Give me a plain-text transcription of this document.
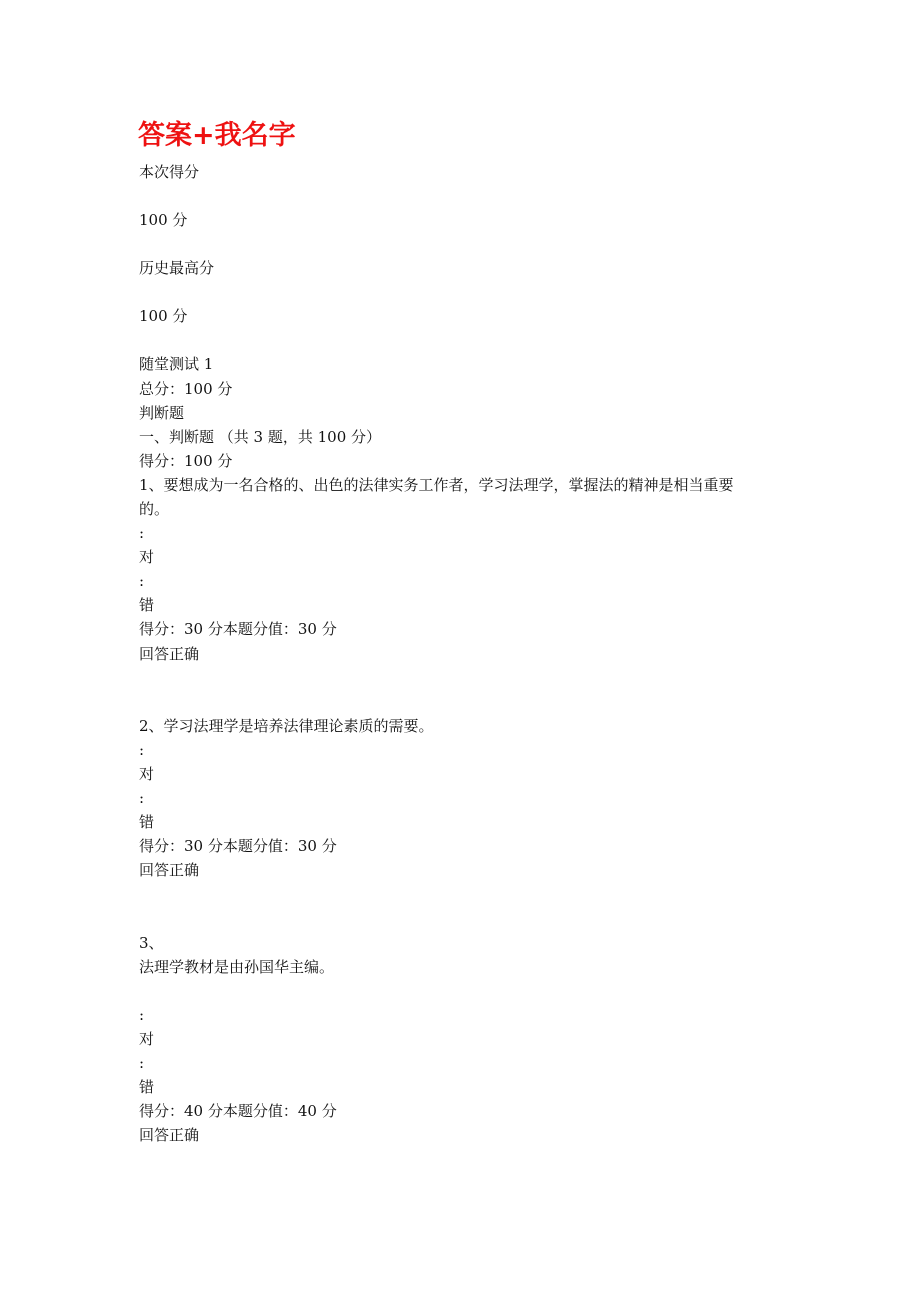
答案+我名字
本次得分
100 分
历史最高分
100 分
随堂测试 1
总分：100 分
判断题
一、判断题 （共 3 题，共 100 分）
得分：100 分
1、要想成为一名合格的、出色的法律实务工作者，学习法理学，掌握法的精神是相当重要
的。
:
对
:
错
得分：30 分本题分值：30 分
回答正确
2、学习法理学是培养法律理论素质的需要。
:
对
:
错
得分：30 分本题分值：30 分
回答正确
3、
法理学教材是由孙国华主编。
:
对
:
错
得分：40 分本题分值：40 分
回答正确
